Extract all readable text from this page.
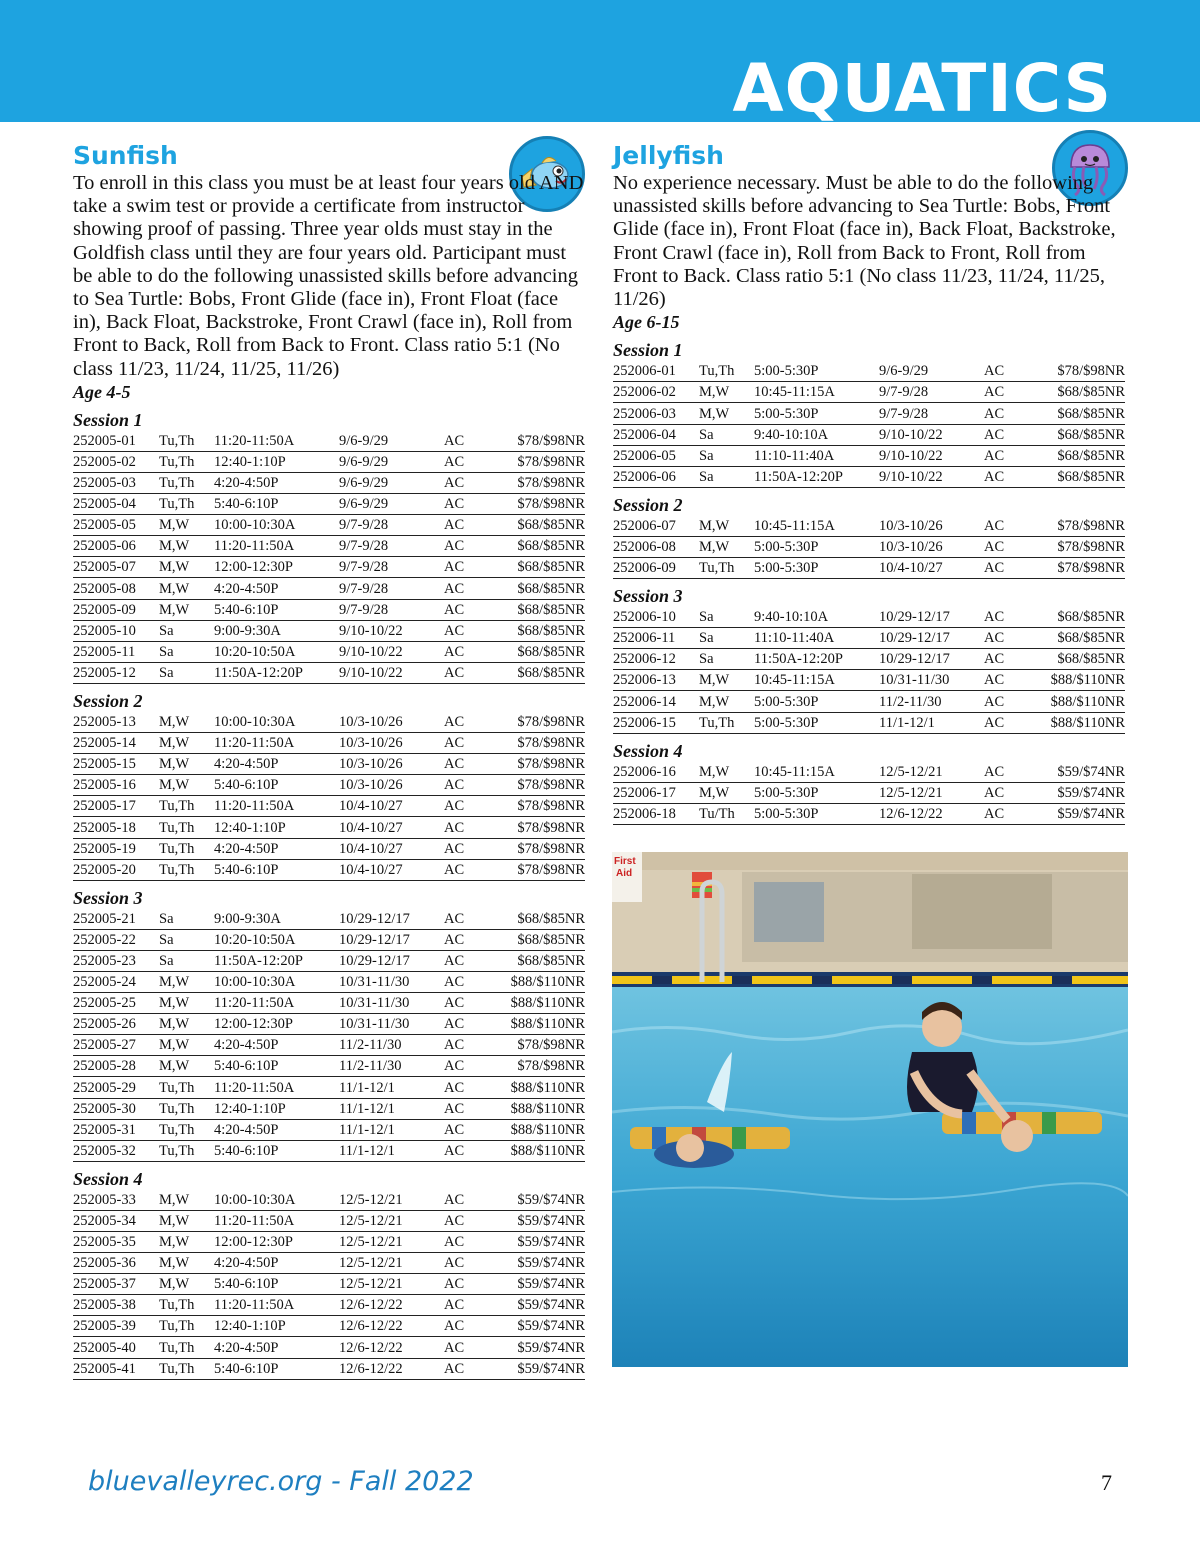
AQUATICS
Sunfish

To enroll in this class you must be at least four years old AND take a swim test or provide a certificate from instructor showing proof of passing. Three year olds must stay in the Goldfish class until they are four years old. Participant must be able to do the following unassisted skills before advancing to Sea Turtle: Bobs, Front Glide (face in), Front Float (face in), Back Float, Backstroke, Front Crawl (face in), Roll from Front to Back, Roll from Back to Front. Class ratio 5:1 (No class 11/23, 11/24, 11/25, 11/26)

Age 4-5

Session 1

252005-01	Tu,Th	11:20-11:50A	9/6-9/29	AC	$78/$98NR
252005-02	Tu,Th	12:40-1:10P	9/6-9/29	AC	$78/$98NR
252005-03	Tu,Th	4:20-4:50P	9/6-9/29	AC	$78/$98NR
252005-04	Tu,Th	5:40-6:10P	9/6-9/29	AC	$78/$98NR
252005-05	M,W	10:00-10:30A	9/7-9/28	AC	$68/$85NR
252005-06	M,W	11:20-11:50A	9/7-9/28	AC	$68/$85NR
252005-07	M,W	12:00-12:30P	9/7-9/28	AC	$68/$85NR
252005-08	M,W	4:20-4:50P	9/7-9/28	AC	$68/$85NR
252005-09	M,W	5:40-6:10P	9/7-9/28	AC	$68/$85NR
252005-10	Sa	9:00-9:30A	9/10-10/22	AC	$68/$85NR
252005-11	Sa	10:20-10:50A	9/10-10/22	AC	$68/$85NR
252005-12	Sa	11:50A-12:20P	9/10-10/22	AC	$68/$85NR

Session 2

252005-13	M,W	10:00-10:30A	10/3-10/26	AC	$78/$98NR
252005-14	M,W	11:20-11:50A	10/3-10/26	AC	$78/$98NR
252005-15	M,W	4:20-4:50P	10/3-10/26	AC	$78/$98NR
252005-16	M,W	5:40-6:10P	10/3-10/26	AC	$78/$98NR
252005-17	Tu,Th	11:20-11:50A	10/4-10/27	AC	$78/$98NR
252005-18	Tu,Th	12:40-1:10P	10/4-10/27	AC	$78/$98NR
252005-19	Tu,Th	4:20-4:50P	10/4-10/27	AC	$78/$98NR
252005-20	Tu,Th	5:40-6:10P	10/4-10/27	AC	$78/$98NR

Session 3

252005-21	Sa	9:00-9:30A	10/29-12/17	AC	$68/$85NR
252005-22	Sa	10:20-10:50A	10/29-12/17	AC	$68/$85NR
252005-23	Sa	11:50A-12:20P	10/29-12/17	AC	$68/$85NR
252005-24	M,W	10:00-10:30A	10/31-11/30	AC	$88/$110NR
252005-25	M,W	11:20-11:50A	10/31-11/30	AC	$88/$110NR
252005-26	M,W	12:00-12:30P	10/31-11/30	AC	$88/$110NR
252005-27	M,W	4:20-4:50P	11/2-11/30	AC	$78/$98NR
252005-28	M,W	5:40-6:10P	11/2-11/30	AC	$78/$98NR
252005-29	Tu,Th	11:20-11:50A	11/1-12/1	AC	$88/$110NR
252005-30	Tu,Th	12:40-1:10P	11/1-12/1	AC	$88/$110NR
252005-31	Tu,Th	4:20-4:50P	11/1-12/1	AC	$88/$110NR
252005-32	Tu,Th	5:40-6:10P	11/1-12/1	AC	$88/$110NR

Session 4

252005-33	M,W	10:00-10:30A	12/5-12/21	AC	$59/$74NR
252005-34	M,W	11:20-11:50A	12/5-12/21	AC	$59/$74NR
252005-35	M,W	12:00-12:30P	12/5-12/21	AC	$59/$74NR
252005-36	M,W	4:20-4:50P	12/5-12/21	AC	$59/$74NR
252005-37	M,W	5:40-6:10P	12/5-12/21	AC	$59/$74NR
252005-38	Tu,Th	11:20-11:50A	12/6-12/22	AC	$59/$74NR
252005-39	Tu,Th	12:40-1:10P	12/6-12/22	AC	$59/$74NR
252005-40	Tu,Th	4:20-4:50P	12/6-12/22	AC	$59/$74NR
252005-41	Tu,Th	5:40-6:10P	12/6-12/22	AC	$59/$74NR
Jellyfish

No experience necessary. Must be able to do the following unassisted skills before advancing to Sea Turtle: Bobs, Front Glide (face in), Front Float (face in), Back Float, Backstroke, Front Crawl (face in), Roll from Back to Front, Roll from Front to Back. Class ratio 5:1 (No class 11/23, 11/24, 11/25, 11/26)

Age 6-15

Session 1

252006-01	Tu,Th	5:00-5:30P	9/6-9/29	AC	$78/$98NR
252006-02	M,W	10:45-11:15A	9/7-9/28	AC	$68/$85NR
252006-03	M,W	5:00-5:30P	9/7-9/28	AC	$68/$85NR
252006-04	Sa	9:40-10:10A	9/10-10/22	AC	$68/$85NR
252006-05	Sa	11:10-11:40A	9/10-10/22	AC	$68/$85NR
252006-06	Sa	11:50A-12:20P	9/10-10/22	AC	$68/$85NR

Session 2

252006-07	M,W	10:45-11:15A	10/3-10/26	AC	$78/$98NR
252006-08	M,W	5:00-5:30P	10/3-10/26	AC	$78/$98NR
252006-09	Tu,Th	5:00-5:30P	10/4-10/27	AC	$78/$98NR

Session 3

252006-10	Sa	9:40-10:10A	10/29-12/17	AC	$68/$85NR
252006-11	Sa	11:10-11:40A	10/29-12/17	AC	$68/$85NR
252006-12	Sa	11:50A-12:20P	10/29-12/17	AC	$68/$85NR
252006-13	M,W	10:45-11:15A	10/31-11/30	AC	$88/$110NR
252006-14	M,W	5:00-5:30P	11/2-11/30	AC	$88/$110NR
252006-15	Tu,Th	5:00-5:30P	11/1-12/1	AC	$88/$110NR

Session 4

252006-16	M,W	10:45-11:15A	12/5-12/21	AC	$59/$74NR
252006-17	M,W	5:00-5:30P	12/5-12/21	AC	$59/$74NR
252006-18	Tu/Th	5:00-5:30P	12/6-12/22	AC	$59/$74NR
First
Aid
bluevalleyrec.org - Fall 2022	7
